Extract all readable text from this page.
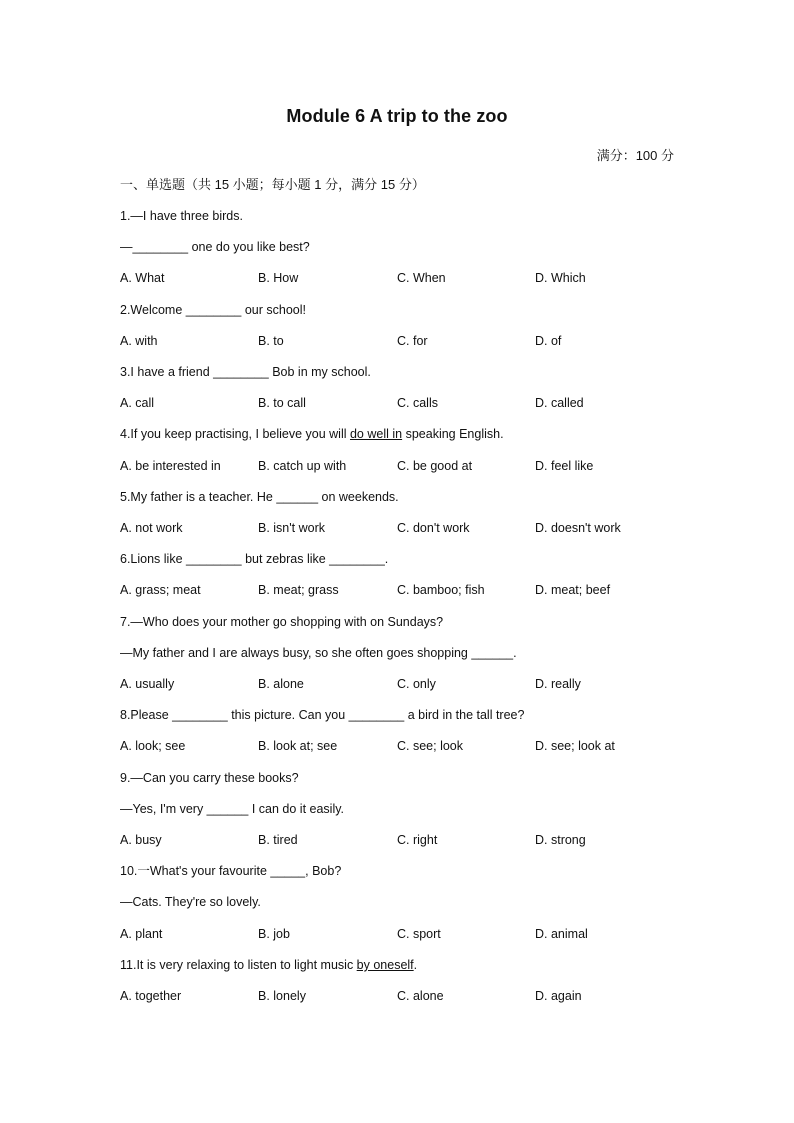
Module 6 A trip to the zoo
满分：100 分
一、单选题（共 15 小题；每小题 1 分，满分 15 分）
1.—I have three birds.
—________ one do you like best?
A. What	B. How	C. When	D. Which
2.Welcome ________ our school!
A. with	B. to	C. for	D. of
3.I have a friend ________ Bob in my school.
A. call	B. to call	C. calls	D. called
4.If you keep practising, I believe you will do well in speaking English.
A. be interested in	B. catch up with	C. be good at	D. feel like
5.My father is a teacher. He ______ on weekends.
A. not work	B. isn't work	C. don't work	D. doesn't work
6.Lions like ________ but zebras like ________.
A. grass; meat	B. meat; grass	C. bamboo; fish	D. meat; beef
7.—Who does your mother go shopping with on Sundays?
—My father and I are always busy, so she often goes shopping ______.
A. usually	B. alone	C. only	D. really
8.Please ________ this picture. Can you ________ a bird in the tall tree?
A. look; see	B. look at; see	C. see; look	D. see; look at
9.—Can you carry these books?
—Yes, I'm very ______ I can do it easily.
A. busy	B. tired	C. right	D. strong
10.一What's your favourite _____, Bob?
—Cats. They're so lovely.
A. plant	B. job	C. sport	D. animal
11.It is very relaxing to listen to light music by oneself.
A. together	B. lonely	C. alone	D. again
